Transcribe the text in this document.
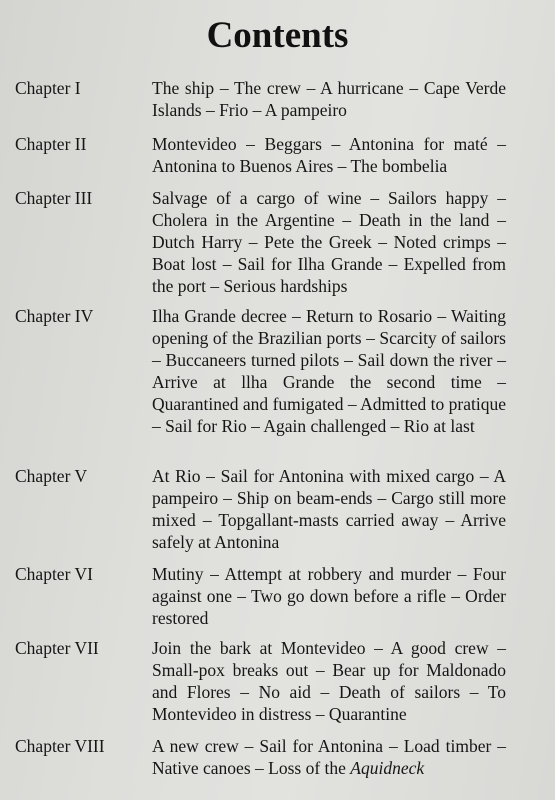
Contents
Chapter I	The ship – The crew – A hurricane – Cape Verde Islands – Frio – A pampeiro
Chapter II	Montevideo – Beggars – Antonina for maté – Antonina to Buenos Aires – The bombelia
Chapter III	Salvage of a cargo of wine – Sailors happy – Cholera in the Argentine – Death in the land – Dutch Harry – Pete the Greek – Noted crimps – Boat lost – Sail for Ilha Grande – Expelled from the port – Serious hardships
Chapter IV	Ilha Grande decree – Return to Rosario – Waiting opening of the Brazilian ports – Scarcity of sailors – Buccaneers turned pilots – Sail down the river – Arrive at llha Grande the second time – Quarantined and fumigated – Admitted to pratique – Sail for Rio – Again challenged – Rio at last
Chapter V	At Rio – Sail for Antonina with mixed cargo – A pampeiro – Ship on beam-ends – Cargo still more mixed – Topgallant-masts carried away – Arrive safely at Antonina
Chapter VI	Mutiny – Attempt at robbery and murder – Four against one – Two go down before a rifle – Order restored
Chapter VII	Join the bark at Montevideo – A good crew – Small-pox breaks out – Bear up for Maldonado and Flores – No aid – Death of sailors – To Montevideo in distress – Quarantine
Chapter VIII	A new crew – Sail for Antonina – Load timber – Native canoes – Loss of the Aquidneck
